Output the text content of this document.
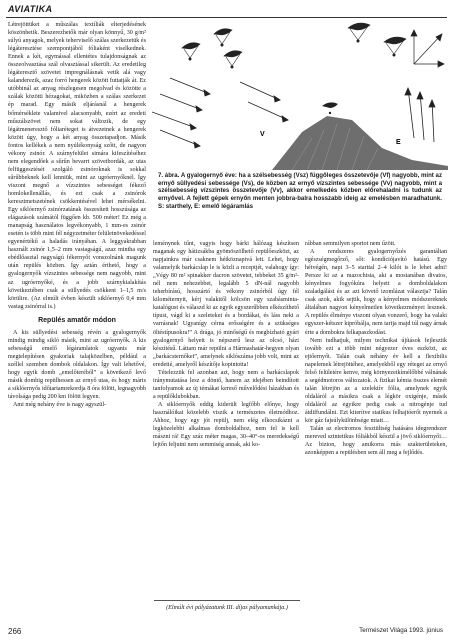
AVIATIKA

Létrejöttüket a műszálas textíliák elterjedésének köszönhetik. Beszerezhetők már olyan könnyű, 30 g/m² súlyú anyagok, melyek teherviselő szálas szerkezetük és légáteresztése szempontjából fóliaként viselkednek. Ennek a két, egymással ellentétes tulajdonságnak az összeolvasztása szál olvasztással sikerült. Az eredetileg légáteresztő szövetet impregnálásnak vetik alá vagy kalanderezik, azaz forró hengerek között futtatják át. Ez utóbbinál az anyag részlegesen megolvad és közötte a szálak közötti hézagokat, miközben a szálas szerkezet ép marad. Egy másik eljárásnál a hengerek bőmérséklete valamivel alacsonyabb, ezért az eredeti műszálszövet nem sokat változik, de egy légátmeneresztő fóliaréteget is átvezetnek a hengerek között úgy, hogy a két anyag összetapadjon. Másik fontos kellékek a nem nyúlékonyság szőtt, de nagyon vékony zsinór. A szárnyfelület simára kifeszítéséhez nem elegendőek a sűrűn bevarrt szövetbordák, az utas felfüggesztését szolgáló zsinóroknak is sokkal sűrűbbeknek kell lenniük, mint az ugróernyőknél. Így viszont megnő a vízszintes sebességet fékező homlokellenállás, és ezt csak a zsinórok keresztmetszetének csökkentésével lehet mérsékelni. Egy siklóernyő zsinórzatának összesített hosszúsága az elágazások számától függően kb. 500 méter! Ez még a manapság használatos legvékonyabb, 1 mm-es zsinór esetén is több mint fél négyzetméter felületnövekedéssel egyenértékű a haladás irányában. A leggyakrabban használt zsinór 1,5–2 mm vastagságú, azaz mintha egy ebédlőasztal nagyságú fékernyőt vonszolnánk magunk után repülés közben. Így aztán érthető, hogy a gyalogernyők vízszintes sebessége nem nagyobb, mint az ugróernyőké, és a jobb szárnykialakítás következtében csak a süllyedés csökkent 1–1,5 m/s körülire. (Az elmúlt évben készült siklóernyő 0,4 mm vastag zsinórral is.)

Repülés amatőr módon

A kis süllyedési sebesség révén a gyalogernyők mindig mindig sikló másik, mint az ugróernyők. A kis sebességű emelő légáramlatok ugyanis már megtelepítésen gyakoriak talajközelben, például a széllel szemben dombok oldalakon. Így valt lehetővé, hogy egyik domb „emelőteréből” a következő levő másik dombig repülhessen az ernyő utas, és hogy máris a siklóernyős időtartamrekordja 8 óra fölött, legnagyobb távolsága pedig 200 km fölött legyen.

Ami még nehány éve is nagy agyszül-

E
V
7. ábra. A gyalogernyő éve: ha a szélsebesség (Vsz) függőleges összetevője (Vf) nagyobb, mint az ernyő süllyedési sebessége (Vs), de közben az ernyő vízszintes sebessége (Vv) nagyobb, mint a szélsebesség vízszintes összetevője (Vv), akkor emelkedés közben előrehaladni is tudunk az ernyővel. A fejlett gépek ernyőn menten jobbra-balra hosszabb ideig az emelésben maradhatunk. S: starthely, E: emelő légáramlás

leménynek tűnt, vagyis hogy bárki hálózag készítsen maganak egy hátizsákba gyömöszölhető repülőeszközt, az napjainkra már csaknem hétköznapivá lett. Lehet, hogy valamelyik barkácslap le is közli a receptjét, valahogy így: „Végy 80 m² spinakker dacron szövetet, tebbeket 35 g/m²-nél nem nehezebbet, legalább 5 dN-nál nagyobb teherbírású, hosszártó és vékony zsinórból úgy fél kilométernyit, kérj valakitől kölcsön egy szabásminta-katalógust és válaszd ki az egyik egyszerűbben elkészíthető típust, vágd ki a szeleteket és a bordákat, és láss neki a varrásnak! Ugyanígy cérna erősségére és a szükséges öltéstípusokra!” A drága, jó minőségű és megbízható gyári gyalogernyő helyett is népszerű lesz az olcsó, házi készítésű. Láttam már repülni a Hármashatár-hegyen olyan „barkácsternőket”, amelynek siklószáma jobb volt, mint az eredetié, amelyről készítője kopintotta!

Tételezzük fel azonban azt, hogy nem a barkácslapok iránymutatása lesz a döntő, hanem az idejében beindított tanfolyamok az új témákat kereső művelődési házakban és a repülőklubokban.

A siklóernyők eddig kiderült legfőbb előnye, hogy használóikat közelebb viszik a természetes életmódhoz. Ahhoz, hogy egy jót repülj, nem elég elkocsikázni a legközelebbi alkalmas domboldalhoz, nem fel is kell mászni rá! Egy száz méter magas, 30–40°-os meredekségű lejtőn feljutni nem semmiség annak, aki ko-

(Elmúlt évi pályázatunk III. díjas pályamunkája.)

rábban semmilyen sportot nem űzött.

A rendszeres gyalogernyőzés garantáltan egészségmegőrző, sőt: kondíciójavító hatású. Egy hétvégén, napi 3–5 starttal 2–4 kilót is le lehet adni! Persze ki az a mazochista, aki a mostanában divatos, kényelmes fogyókúra helyett a domboldalakon szaladgálást és az azt követő izomlázat választja? Talán csak azok, akik sejtik, hogy a kényelmes módszereknek általában nagyon kényelmetlen következményei lesznek. A repülés élménye viszont olyan vonzerő, hogy ha valaki egyszer-kétszer kipróbálja, nem tartja majd túl nagy árnak érte a dombokra felkapaszkodást.

Nem tudhatjuk, milyen technikai újítások fejlesztik tovább ezt a több mint négyezer éves eszközt, az ejtőernyőt. Talán csak néhány év kell a flexibilis napelemek létrejöttéhez, amelyekből egy réteget az ernyő felső felületére kenve, még környezetkímélőbbé válnának a segédmotoros változatok. A fizikai kémia összes elemét talán létrejön az a szelektív fólia, amelynek egyik oldaláról a másikra csak a légkör oxigénje, másik oldaláról az egyikre pedig csak a nitrogénje tud átdiffundálni. Ezt kiterítve statikus felhajtóerőt nyernek a kör gáz fajsúlykülönbsége miatt…

Talán az electromos fesztültség hatására idegrendszer mereved szintetikus fóliákból készül a jövő siklóernyői… Az bizton, hogy amikorra más szakterületeken, azonképpen a repülésben sem áll meg a fejlődés.

266	Természet Világa 1993. június
